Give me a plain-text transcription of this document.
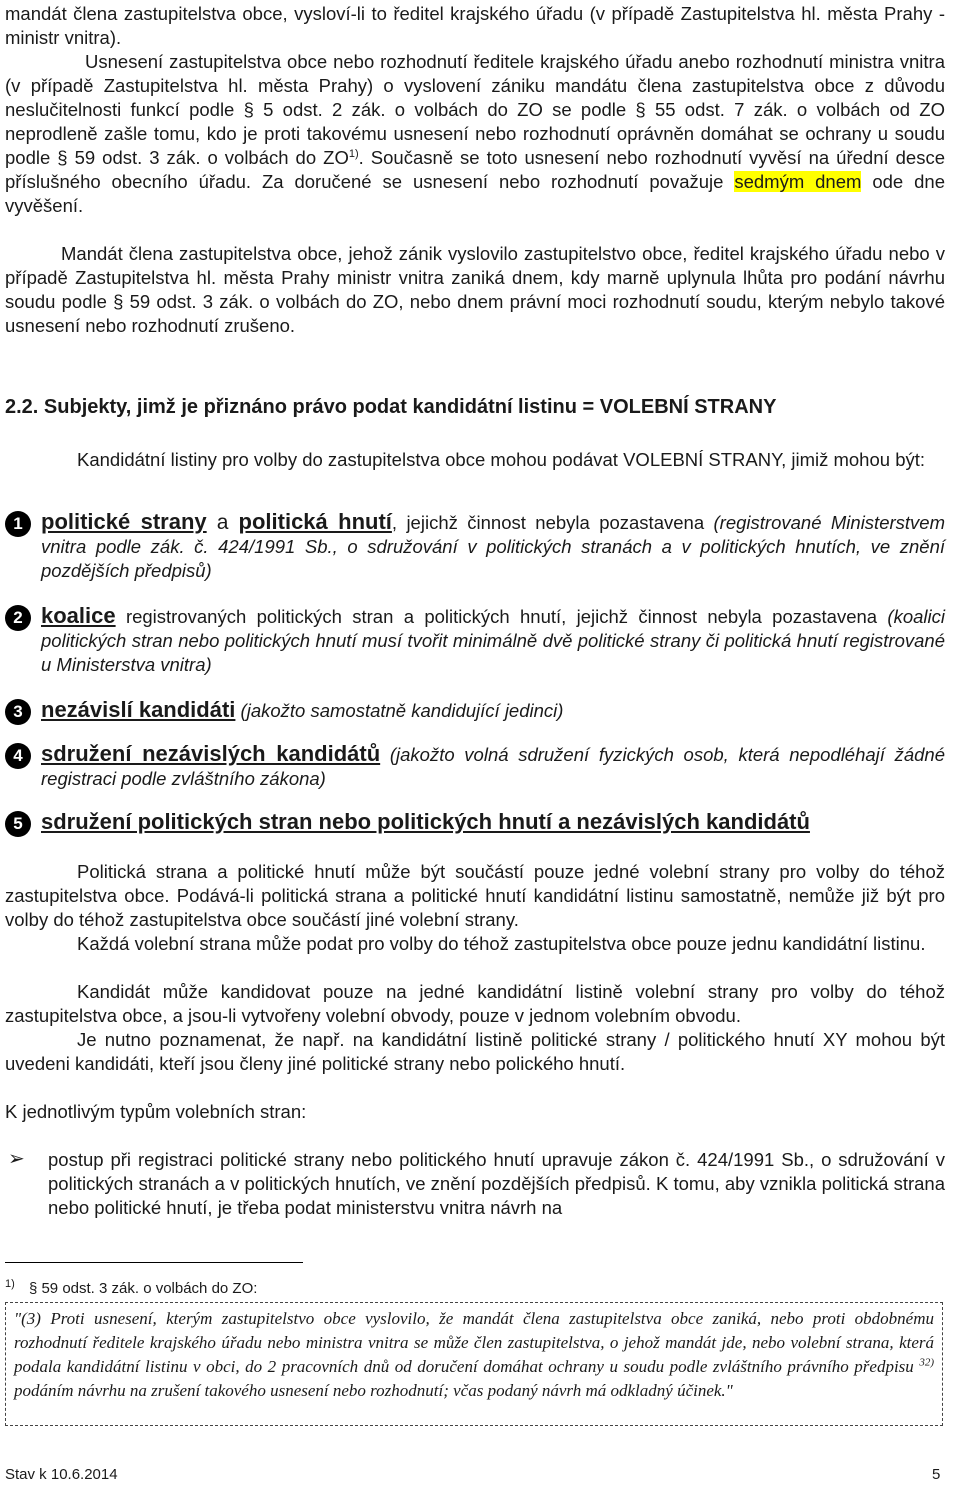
mandát člena zastupitelstva obce, vysloví-li to ředitel krajského úřadu (v případě Zastupitelstva hl. města Prahy - ministr vnitra).
Usnesení zastupitelstva obce nebo rozhodnutí ředitele krajského úřadu anebo rozhodnutí ministra vnitra (v případě Zastupitelstva hl. města Prahy) o vyslovení zániku mandátu člena zastupitelstva obce z důvodu neslučitelnosti funkcí podle § 5 odst. 2 zák. o volbách do ZO se podle § 55 odst. 7 zák. o volbách od ZO neprodleně zašle tomu, kdo je proti takovému usnesení nebo rozhodnutí oprávněn domáhat se ochrany u soudu podle § 59 odst. 3 zák. o volbách do ZO$^{1)}$. Současně se toto usnesení nebo rozhodnutí vyvěsí na úřední desce příslušného obecního úřadu. Za doručené se usnesení nebo rozhodnutí považuje sedmým dnem ode dne vyvěšení.
Mandát člena zastupitelstva obce, jehož zánik vyslovilo zastupitelstvo obce, ředitel krajského úřadu nebo v případě Zastupitelstva hl. města Prahy ministr vnitra zaniká dnem, kdy marně uplynula lhůta pro podání návrhu soudu podle § 59 odst. 3 zák. o volbách do ZO, nebo dnem právní moci rozhodnutí soudu, kterým nebylo takové usnesení nebo rozhodnutí zrušeno.
2.2. Subjekty, jimž je přiznáno právo podat kandidátní listinu = VOLEBNÍ STRANY
Kandidátní listiny pro volby do zastupitelstva obce mohou podávat VOLEBNÍ STRANY, jimiž mohou být:
1 politické strany a politická hnutí, jejichž činnost nebyla pozastavena (registrované Ministerstvem vnitra podle zák. č. 424/1991 Sb., o sdružování v politických stranách a v politických hnutích, ve znění pozdějších předpisů)
2 koalice registrovaných politických stran a politických hnutí, jejichž činnost nebyla pozastavena (koalici politických stran nebo politických hnutí musí tvořit minimálně dvě politické strany či politická hnutí registrované u Ministerstva vnitra)
3 nezávislí kandidáti (jakožto samostatně kandidující jedinci)
4 sdružení nezávislých kandidátů (jakožto volná sdružení fyzických osob, která nepodléhají žádné registraci podle zvláštního zákona)
5 sdružení politických stran nebo politických hnutí a nezávislých kandidátů
Politická strana a politické hnutí může být součástí pouze jedné volební strany pro volby do téhož zastupitelstva obce. Podává-li politická strana a politické hnutí kandidátní listinu samostatně, nemůže již být pro volby do téhož zastupitelstva obce součástí jiné volební strany.
Každá volební strana může podat pro volby do téhož zastupitelstva obce pouze jednu kandidátní listinu.
Kandidát může kandidovat pouze na jedné kandidátní listině volební strany pro volby do téhož zastupitelstva obce, a jsou-li vytvořeny volební obvody, pouze v jednom volebním obvodu.
Je nutno poznamenat, že např. na kandidátní listině politické strany / politického hnutí XY mohou být uvedeni kandidáti, kteří jsou členy jiné politické strany nebo polického hnutí.
K jednotlivým typům volebních stran:
➢ postup při registraci politické strany nebo politického hnutí upravuje zákon č. 424/1991 Sb., o sdružování v politických stranách a v politických hnutích, ve znění pozdějších předpisů. K tomu, aby vznikla politická strana nebo politické hnutí, je třeba podat ministerstvu vnitra návrh na
$^{1)}$ § 59 odst. 3 zák. o volbách do ZO:
"(3) Proti usnesení, kterým zastupitelstvo obce vyslovilo, že mandát člena zastupitelstva obce zaniká, nebo proti obdobnému rozhodnutí ředitele krajského úřadu nebo ministra vnitra se může člen zastupitelstva, o jehož mandát jde, nebo volební strana, která podala kandidátní listinu v obci, do 2 pracovních dnů od doručení domáhat ochrany u soudu podle zvláštního právního předpisu $^{32)}$ podáním návrhu na zrušení takového usnesení nebo rozhodnutí; včas podaný návrh má odkladný účinek."
Stav k 10.6.2014	5
